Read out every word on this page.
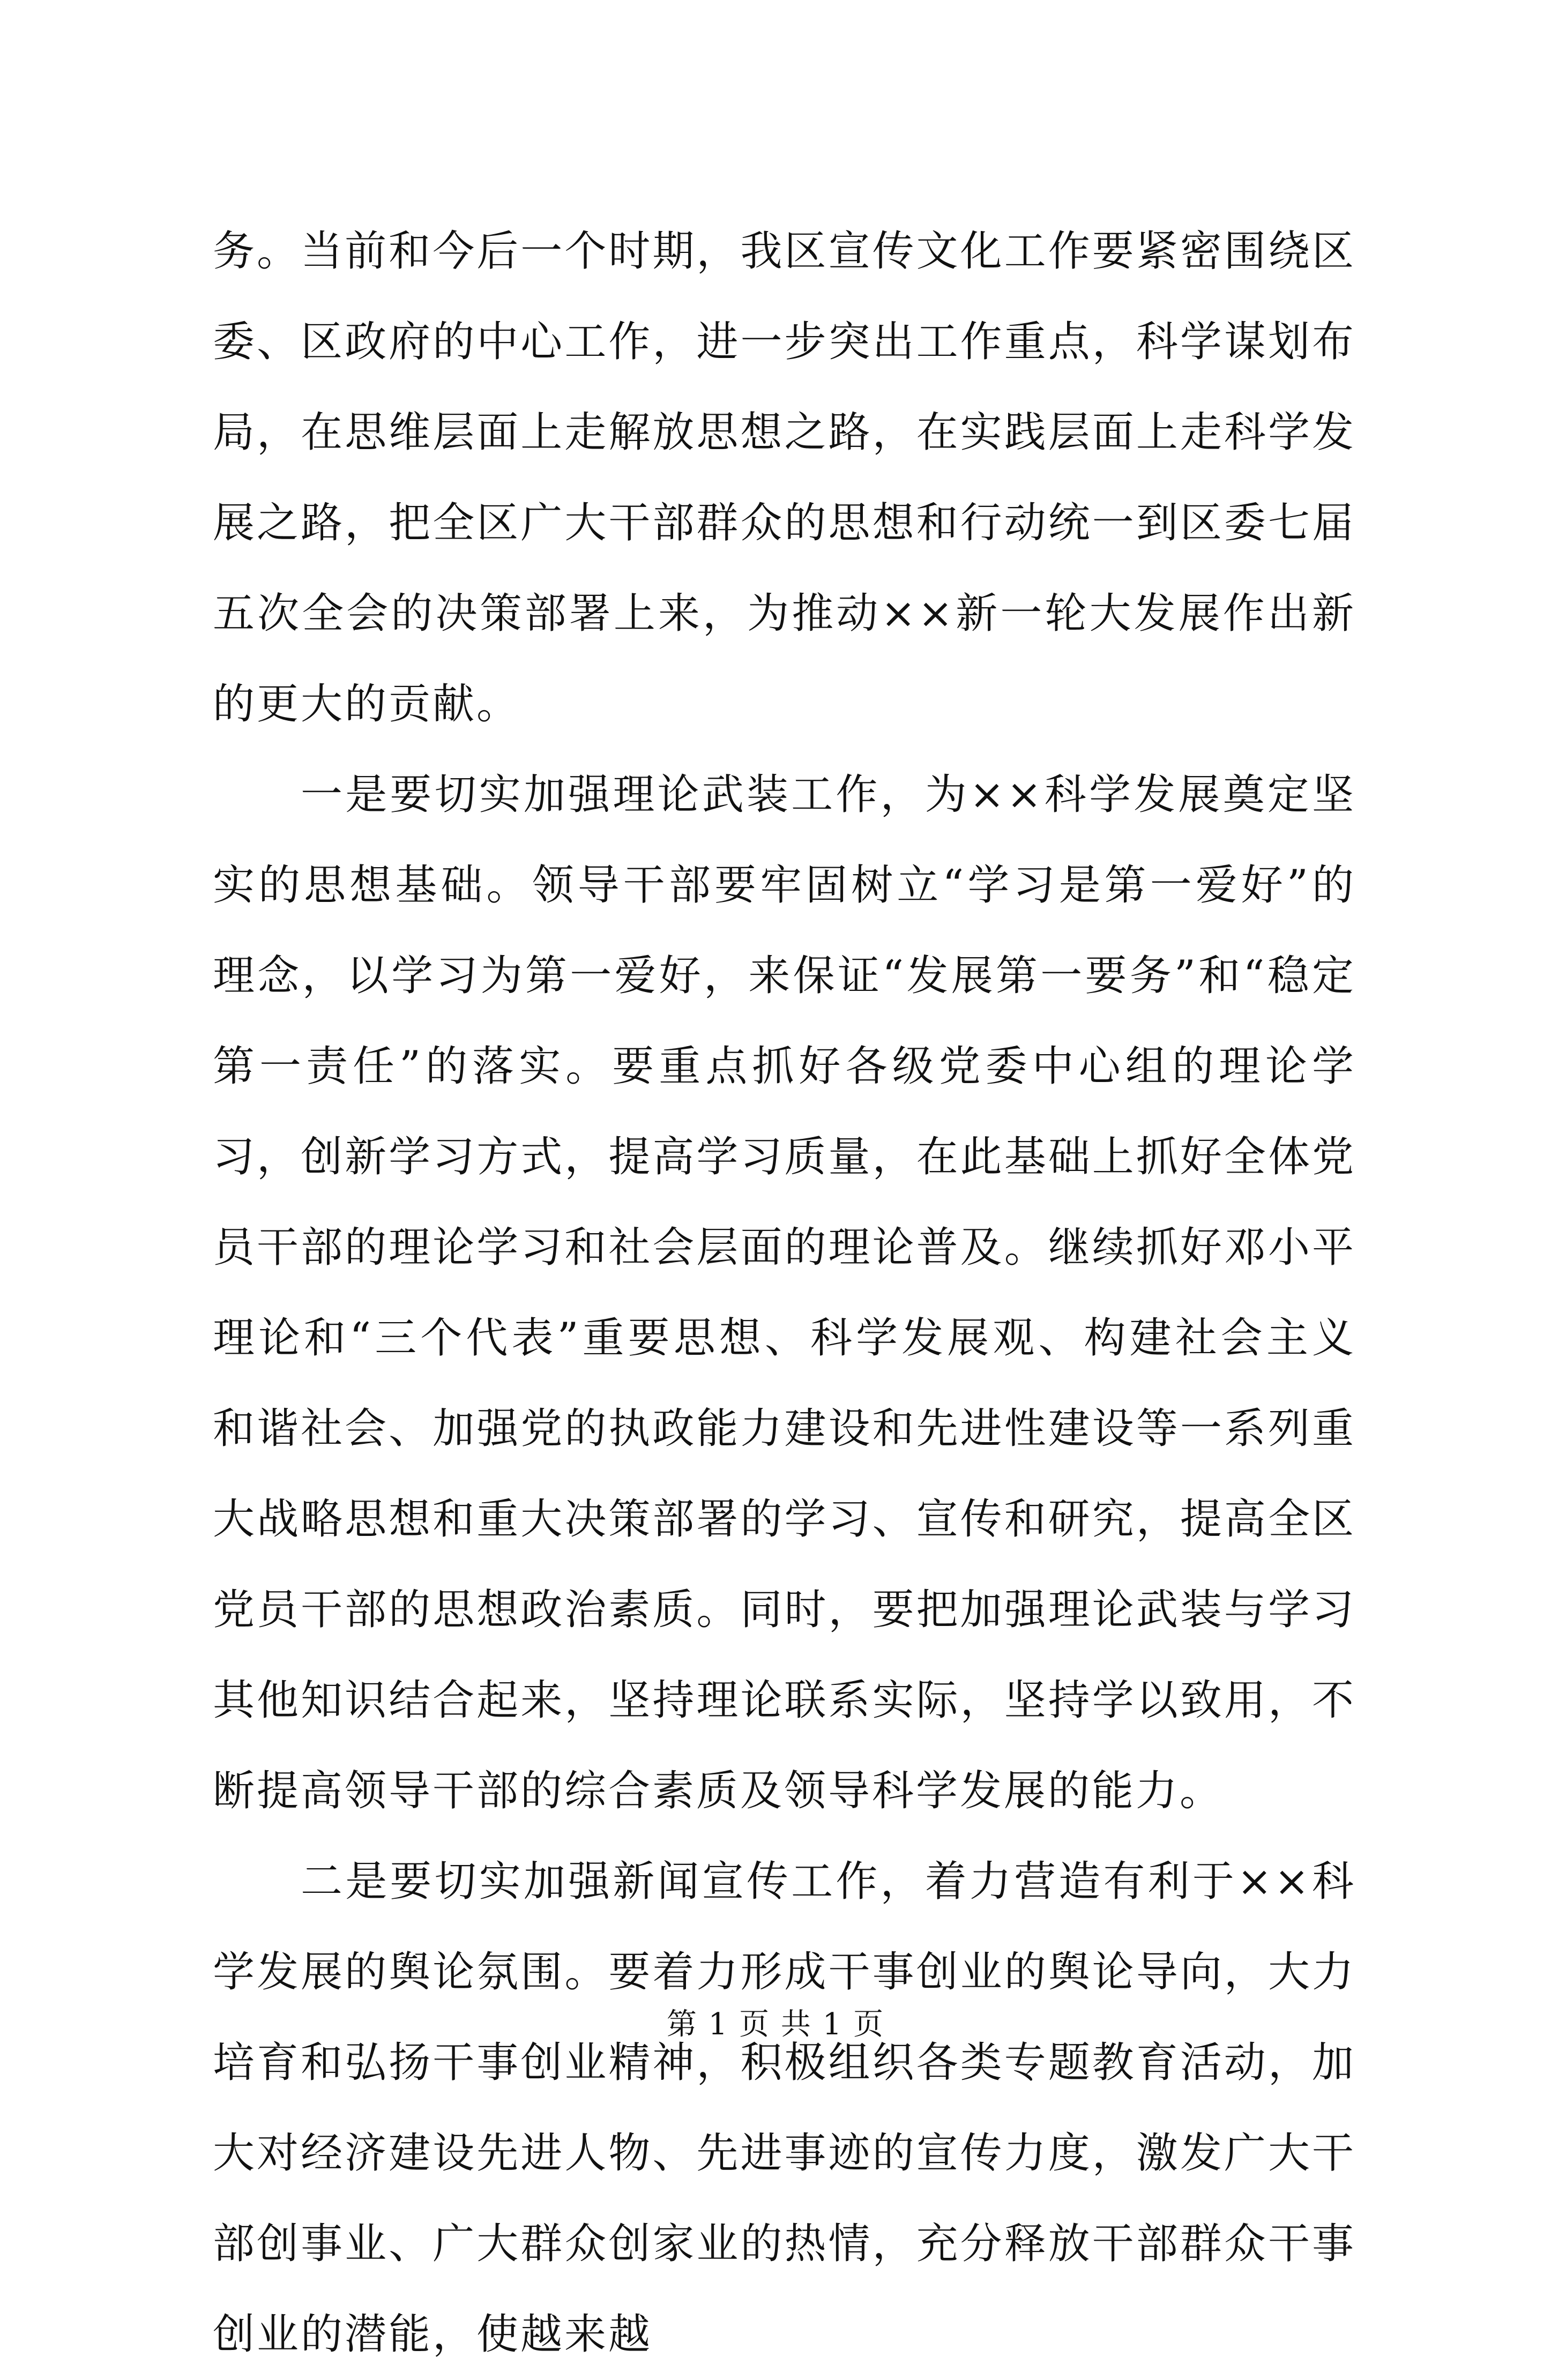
务。当前和今后一个时期，我区宣传文化工作要紧密围绕区委、区政府的中心工作，进一步突出工作重点，科学谋划布局，在思维层面上走解放思想之路，在实践层面上走科学发展之路，把全区广大干部群众的思想和行动统一到区委七届五次全会的决策部署上来，为推动××新一轮大发展作出新的更大的贡献。

一是要切实加强理论武装工作，为××科学发展奠定坚实的思想基础。领导干部要牢固树立“学习是第一爱好”的理念，以学习为第一爱好，来保证“发展第一要务”和“稳定第一责任”的落实。要重点抓好各级党委中心组的理论学习，创新学习方式，提高学习质量，在此基础上抓好全体党员干部的理论学习和社会层面的理论普及。继续抓好邓小平理论和“三个代表”重要思想、科学发展观、构建社会主义和谐社会、加强党的执政能力建设和先进性建设等一系列重大战略思想和重大决策部署的学习、宣传和研究，提高全区党员干部的思想政治素质。同时，要把加强理论武装与学习其他知识结合起来，坚持理论联系实际，坚持学以致用，不断提高领导干部的综合素质及领导科学发展的能力。

二是要切实加强新闻宣传工作，着力营造有利于××科学发展的舆论氛围。要着力形成干事创业的舆论导向，大力培育和弘扬干事创业精神，积极组织各类专题教育活动，加大对经济建设先进人物、先进事迹的宣传力度，激发广大干部创事业、广大群众创家业的热情，充分释放干部群众干事创业的潜能，使越来越

第 1 页 共 1 页
